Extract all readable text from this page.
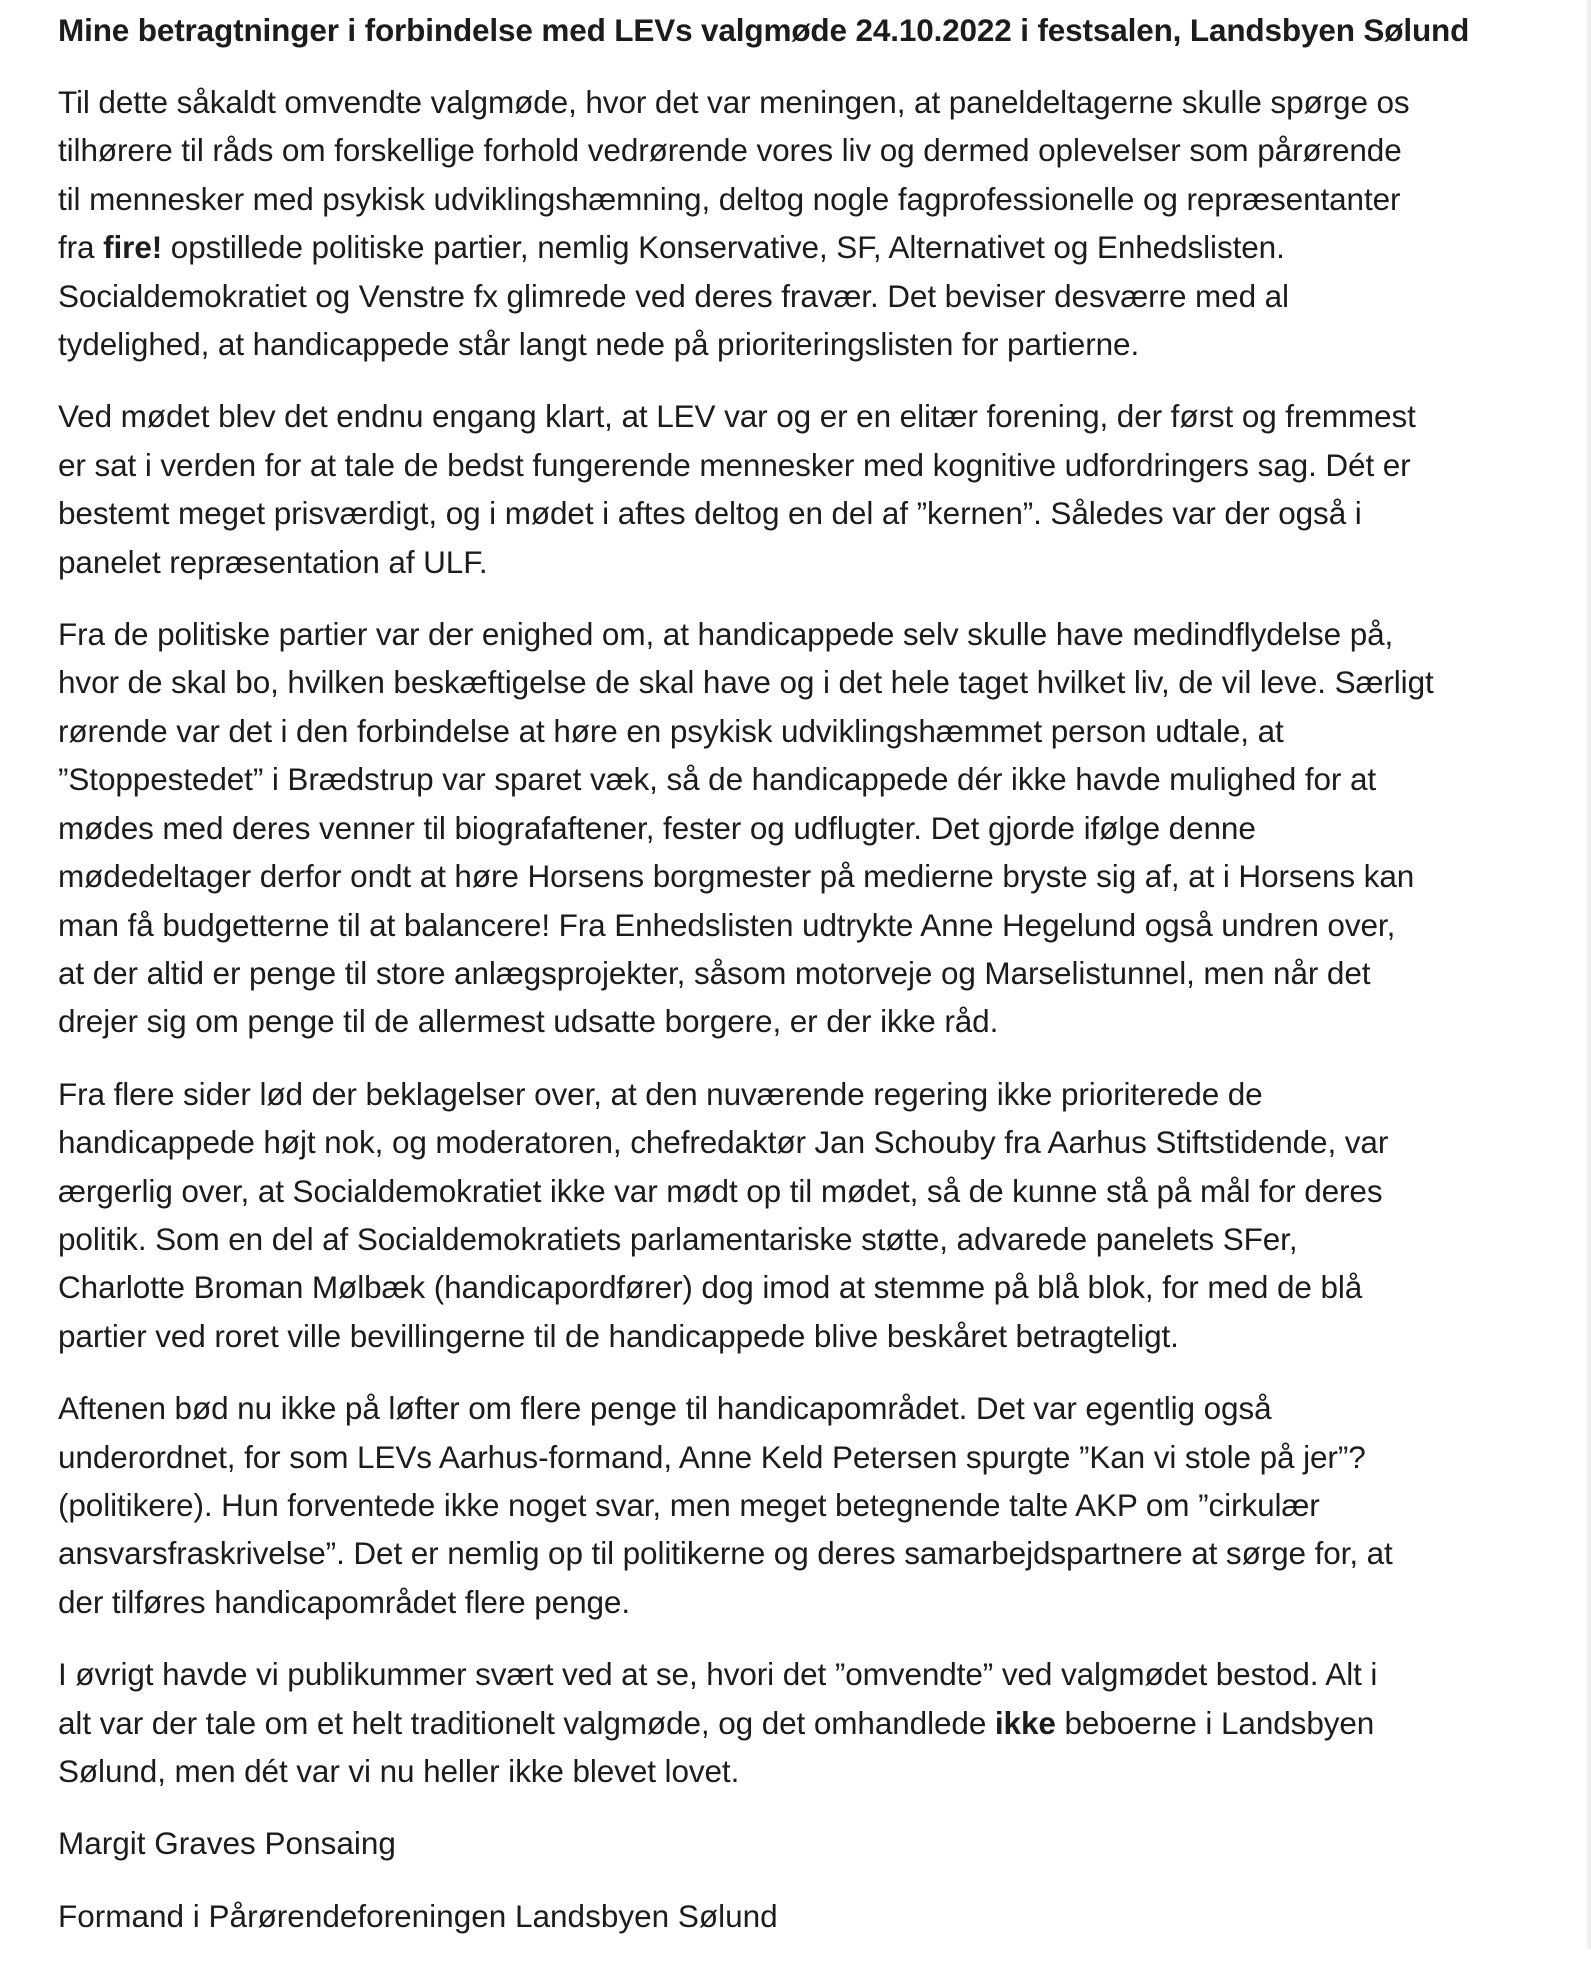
Mine betragtninger i forbindelse med LEVs valgmøde 24.10.2022 i festsalen, Landsbyen Sølund
Til dette såkaldt omvendte valgmøde, hvor det var meningen, at paneldeltagerne skulle spørge os
tilhørere til råds om forskellige forhold vedrørende vores liv og dermed oplevelser som pårørende
til mennesker med psykisk udviklingshæmning, deltog nogle fagprofessionelle og repræsentanter
fra fire! opstillede politiske partier, nemlig Konservative, SF, Alternativet og Enhedslisten.
Socialdemokratiet og Venstre fx glimrede ved deres fravær. Det beviser desværre med al
tydelighed, at handicappede står langt nede på prioriteringslisten for partierne.
Ved mødet blev det endnu engang klart, at LEV var og er en elitær forening, der først og fremmest
er sat i verden for at tale de bedst fungerende mennesker med kognitive udfordringers sag. Dét er
bestemt meget prisværdigt, og i mødet i aftes deltog en del af ”kernen”. Således var der også i
panelet repræsentation af ULF.
Fra de politiske partier var der enighed om, at handicappede selv skulle have medindflydelse på,
hvor de skal bo, hvilken beskæftigelse de skal have og i det hele taget hvilket liv, de vil leve. Særligt
rørende var det i den forbindelse at høre en psykisk udviklingshæmmet person udtale, at
”Stoppestedet” i Brædstrup var sparet væk, så de handicappede dér ikke havde mulighed for at
mødes med deres venner til biografaftener, fester og udflugter. Det gjorde ifølge denne
mødedeltager derfor ondt at høre Horsens borgmester på medierne bryste sig af, at i Horsens kan
man få budgetterne til at balancere! Fra Enhedslisten udtrykte Anne Hegelund også undren over,
at der altid er penge til store anlægsprojekter, såsom motorveje og Marselistunnel, men når det
drejer sig om penge til de allermest udsatte borgere, er der ikke råd.
Fra flere sider lød der beklagelser over, at den nuværende regering ikke prioriterede de
handicappede højt nok, og moderatoren, chefredaktør Jan Schouby fra Aarhus Stiftstidende, var
ærgerlig over, at Socialdemokratiet ikke var mødt op til mødet, så de kunne stå på mål for deres
politik. Som en del af Socialdemokratiets parlamentariske støtte, advarede panelets SFer,
Charlotte Broman Mølbæk (handicapordfører) dog imod at stemme på blå blok, for med de blå
partier ved roret ville bevillingerne til de handicappede blive beskåret betragteligt.
Aftenen bød nu ikke på løfter om flere penge til handicapområdet. Det var egentlig også
underordnet, for som LEVs Aarhus-formand, Anne Keld Petersen spurgte ”Kan vi stole på jer”?
(politikere). Hun forventede ikke noget svar, men meget betegnende talte AKP om ”cirkulær
ansvarsfraskrivelse”. Det er nemlig op til politikerne og deres samarbejdspartnere at sørge for, at
der tilføres handicapområdet flere penge.
I øvrigt havde vi publikummer svært ved at se, hvori det ”omvendte” ved valgmødet bestod. Alt i
alt var der tale om et helt traditionelt valgmøde, og det omhandlede ikke beboerne i Landsbyen
Sølund, men dét var vi nu heller ikke blevet lovet.
Margit Graves Ponsaing
Formand i Pårørendeforeningen Landsbyen Sølund
